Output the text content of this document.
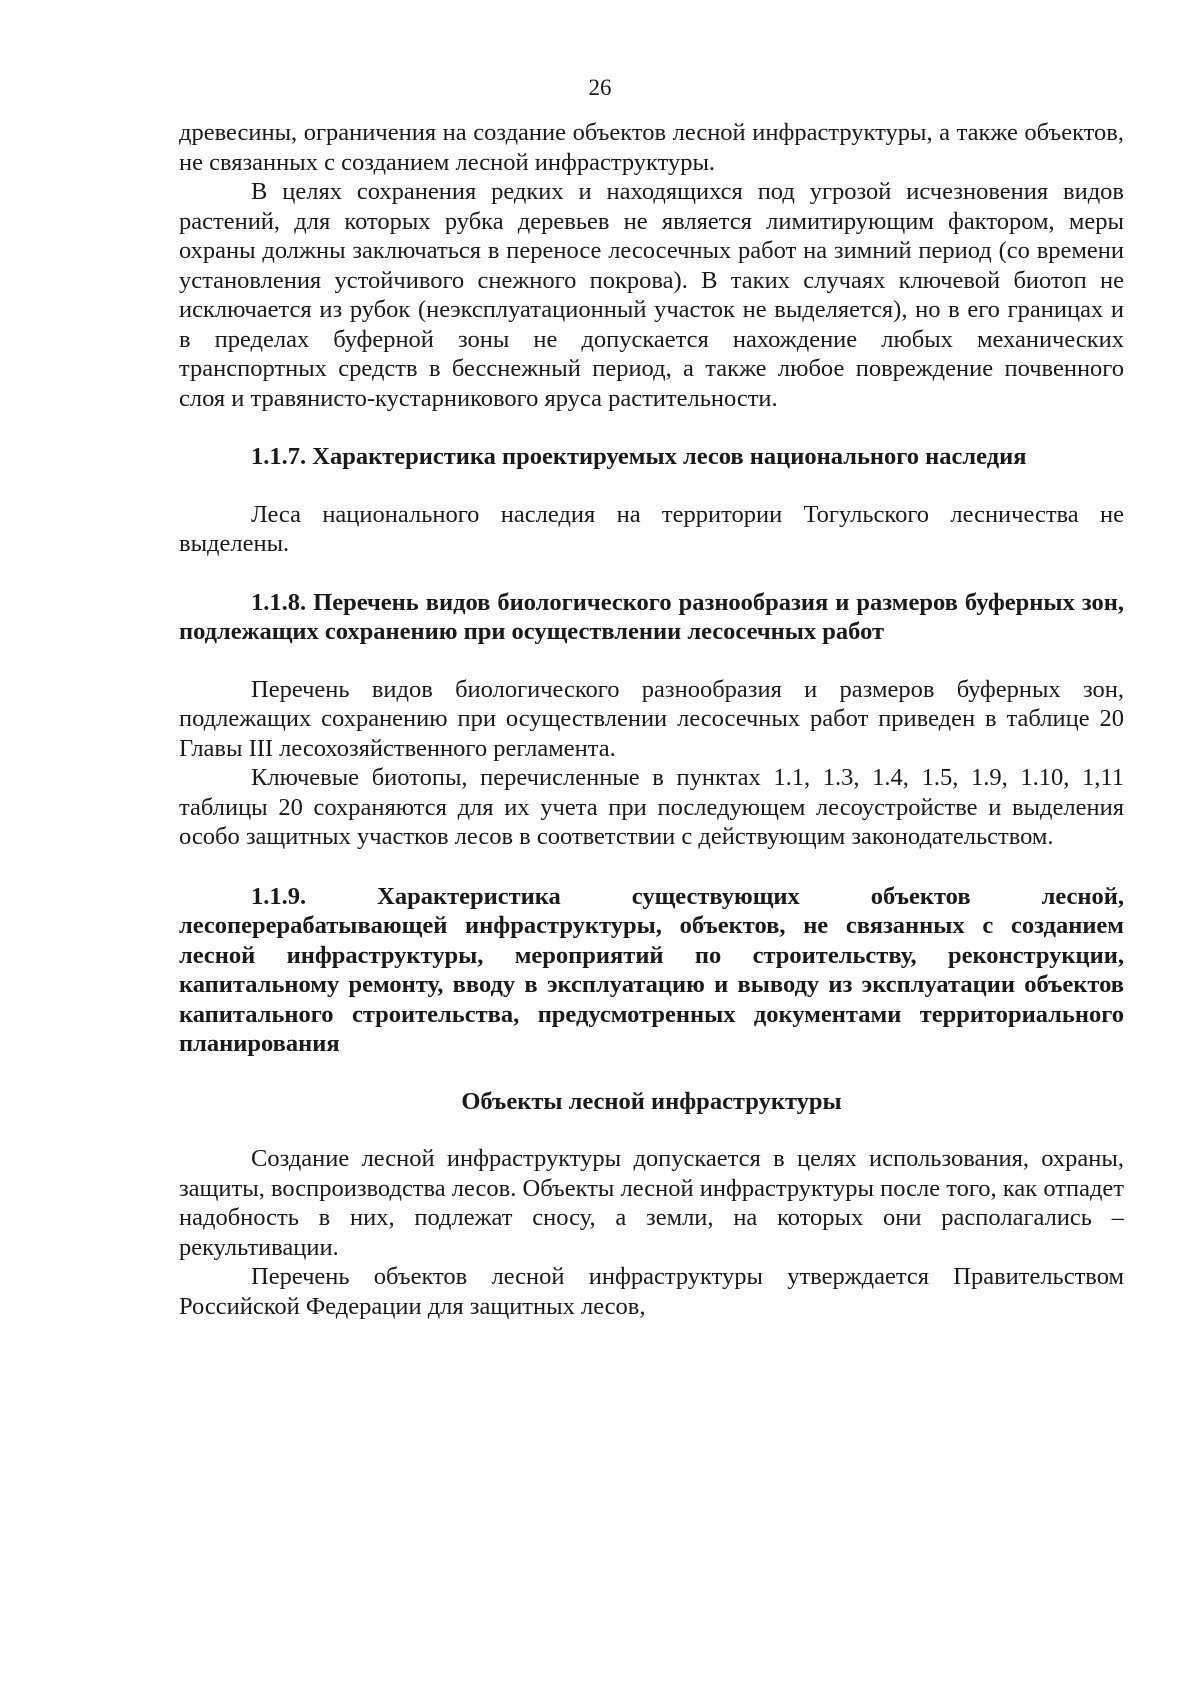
26

древесины, ограничения на создание объектов лесной инфраструктуры, а также объектов, не связанных с созданием лесной инфраструктуры.

В целях сохранения редких и находящихся под угрозой исчезновения видов растений, для которых рубка деревьев не является лимитирующим фактором, меры охраны должны заключаться в переносе лесосечных работ на зимний период (со времени установления устойчивого снежного покрова). В таких случаях ключевой биотоп не исключается из рубок (неэксплуатационный участок не выделяется), но в его границах и в пределах буферной зоны не допускается нахождение любых механических транспортных средств в бесснежный период, а также любое повреждение почвенного слоя и травянисто-кустарникового яруса растительности.

1.1.7. Характеристика проектируемых лесов национального наследия

Леса национального наследия на территории Тогульского лесничества не выделены.

1.1.8. Перечень видов биологического разнообразия и размеров буферных зон, подлежащих сохранению при осуществлении лесосечных работ

Перечень видов биологического разнообразия и размеров буферных зон, подлежащих сохранению при осуществлении лесосечных работ приведен в таблице 20 Главы III лесохозяйственного регламента.

Ключевые биотопы, перечисленные в пунктах 1.1, 1.3, 1.4, 1.5, 1.9, 1.10, 1,11 таблицы 20 сохраняются для их учета при последующем лесоустройстве и выделения особо защитных участков лесов в соответствии с действующим законодательством.

1.1.9. Характеристика существующих объектов лесной, лесоперерабатывающей инфраструктуры, объектов, не связанных с созданием лесной инфраструктуры, мероприятий по строительству, реконструкции, капитальному ремонту, вводу в эксплуатацию и выводу из эксплуатации объектов капитального строительства, предусмотренных документами территориального планирования

Объекты лесной инфраструктуры

Создание лесной инфраструктуры допускается в целях использования, охраны, защиты, воспроизводства лесов. Объекты лесной инфраструктуры после того, как отпадет надобность в них, подлежат сносу, а земли, на которых они располагались – рекультивации.

Перечень объектов лесной инфраструктуры утверждается Правительством Российской Федерации для защитных лесов,
